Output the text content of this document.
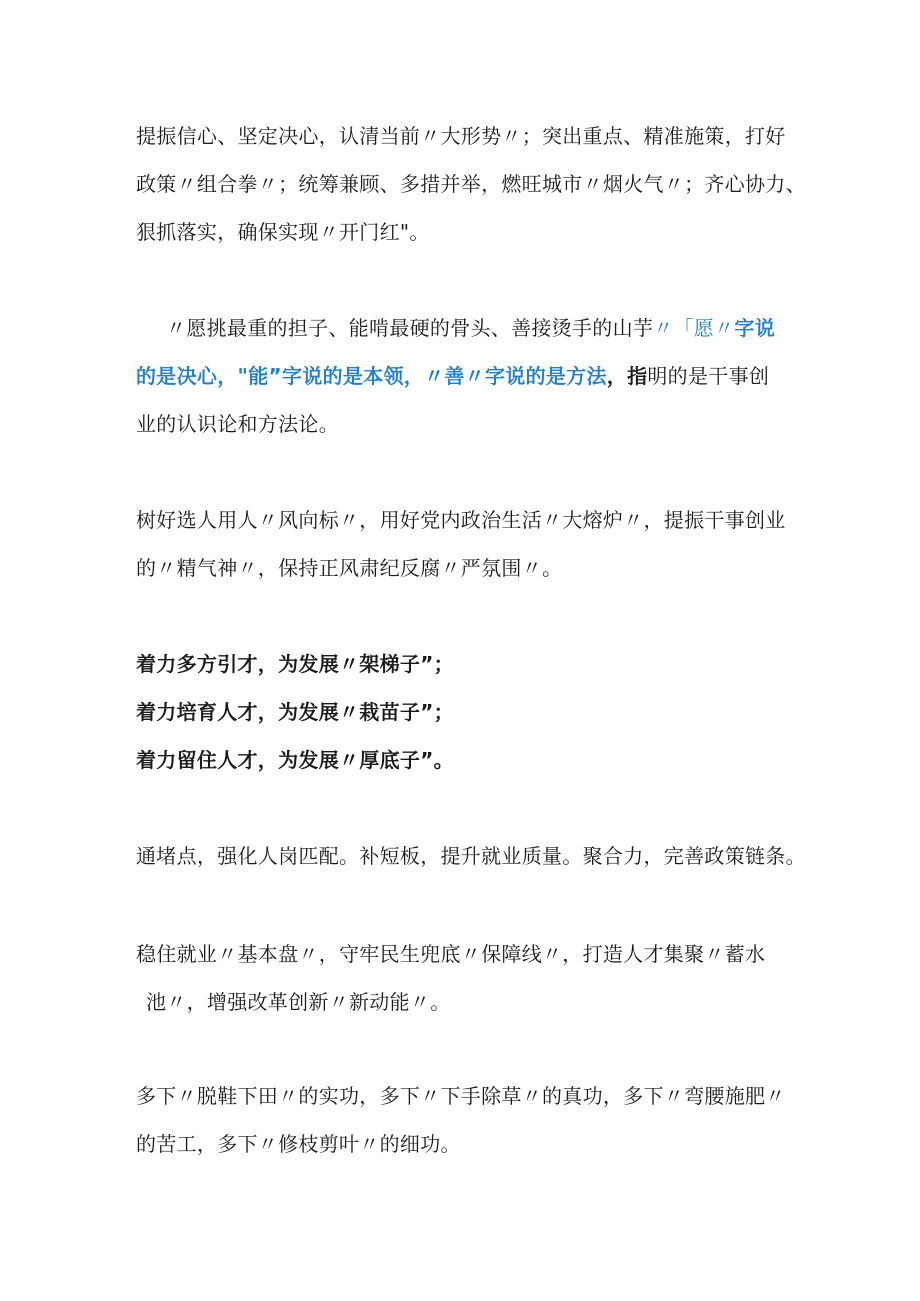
提振信心、坚定决心，认清当前〃大形势〃；突出重点、精准施策，打好
政策〃组合拳〃；统筹兼顾、多措并举，燃旺城市〃烟火气〃；齐心协力、
狠抓落实，确保实现〃开门红"。
〃愿挑最重的担子、能啃最硬的骨头、善接烫手的山芋〃「愿〃字说
的是决心，"能”字说的是本领，〃善〃字说的是方法，指明的是干事创
业的认识论和方法论。
树好选人用人〃风向标〃，用好党内政治生活〃大熔炉〃，提振干事创业
的〃精气神〃，保持正风肃纪反腐〃严氛围〃。
着力多方引才，为发展〃架梯子”；
着力培育人才，为发展〃栽苗子”；
着力留住人才，为发展〃厚底子”。
通堵点，强化人岗匹配。补短板，提升就业质量。聚合力，完善政策链条。
稳住就业〃基本盘〃，守牢民生兜底〃保障线〃，打造人才集聚〃蓄水
池〃，增强改革创新〃新动能〃。
多下〃脱鞋下田〃的实功，多下〃下手除草〃的真功，多下〃弯腰施肥〃
的苦工，多下〃修枝剪叶〃的细功。
